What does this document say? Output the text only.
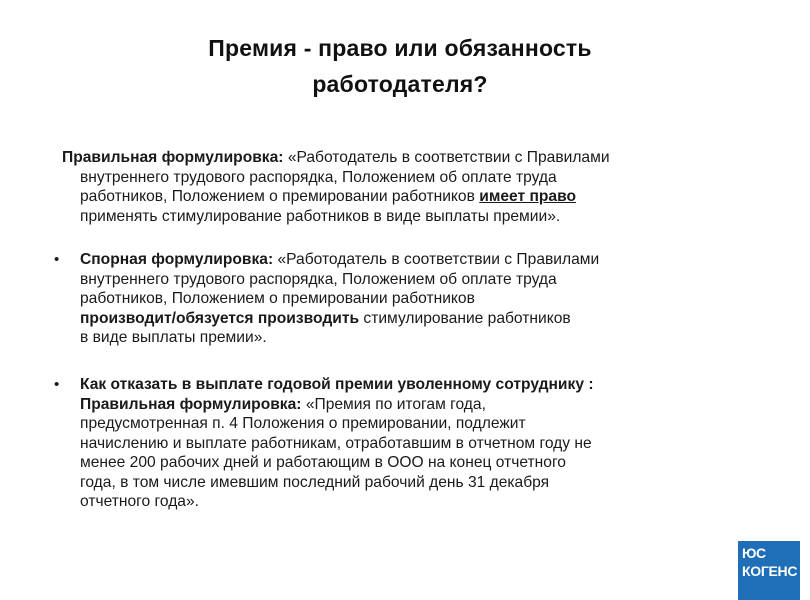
Премия - право или обязанность
работодателя?
Правильная формулировка: «Работодатель в соответствии с Правилами
внутреннего трудового распорядка, Положением об оплате труда
работников, Положением о премировании работников имеет право
применять стимулирование работников в виде выплаты премии».
• Спорная формулировка: «Работодатель в соответствии с Правилами
внутреннего трудового распорядка, Положением об оплате труда
работников, Положением о премировании работников
производит/обязуется производить стимулирование работников
в виде выплаты премии».
• Как отказать в выплате годовой премии уволенному сотруднику :
Правильная формулировка: «Премия по итогам года,
предусмотренная п. 4 Положения о премировании, подлежит
начислению и выплате работникам, отработавшим в отчетном году не
менее 200 рабочих дней и работающим в ООО на конец отчетного
года, в том числе имевшим последний рабочий день 31 декабря
отчетного года».
ЮС
КОГЕНС И
